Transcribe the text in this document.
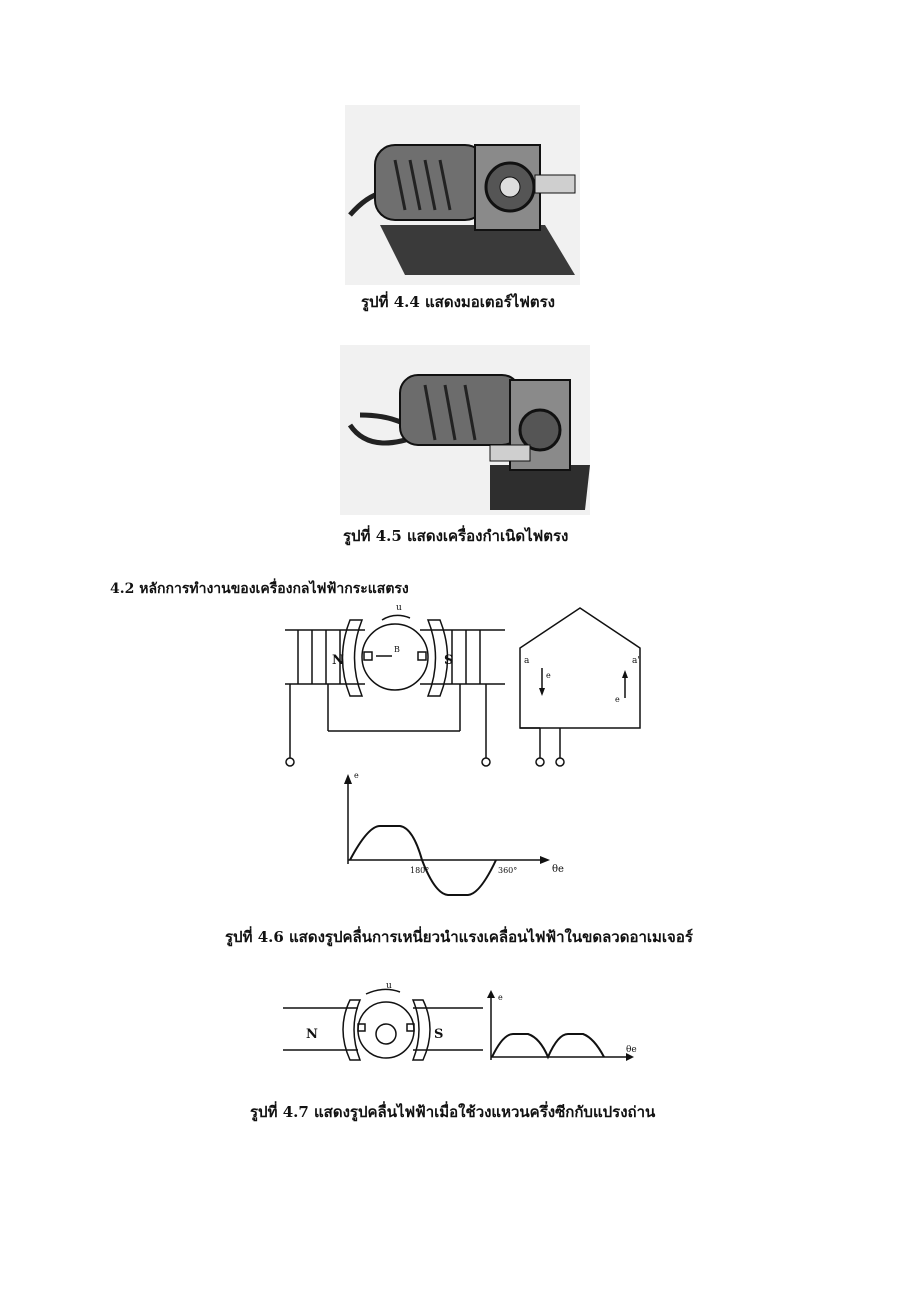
รูปที่ 4.4 แสดงมอเตอร์ไฟตรง
รูปที่ 4.5 แสดงเครื่องกำเนิดไฟตรง
4.2 หลักการทำงานของเครื่องกลไฟฟ้ากระแสตรง
u
N	S
B
a	a'
e
e
e
θe
180°	360°
รูปที่ 4.6 แสดงรูปคลื่นการเหนี่ยวนำแรงเคลื่อนไฟฟ้าในขดลวดอาเมเจอร์
u
N	S
e
θe
รูปที่ 4.7 แสดงรูปคลื่นไฟฟ้าเมื่อใช้วงแหวนครึ่งซีกกับแปรงถ่าน
